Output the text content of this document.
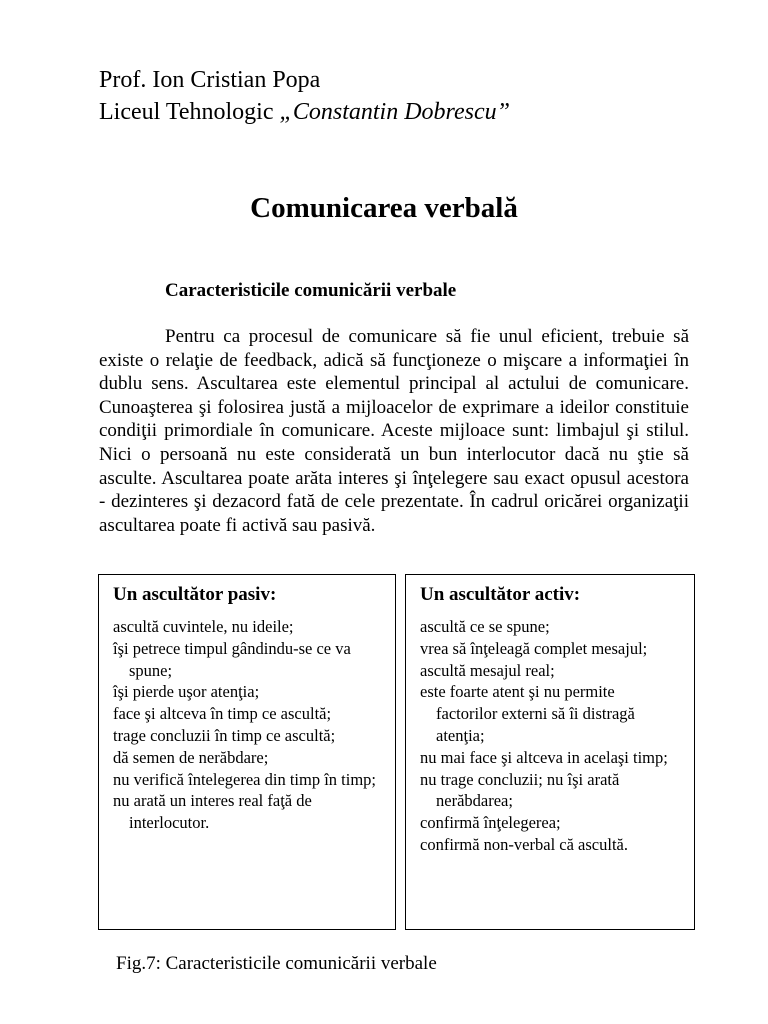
Prof. Ion Cristian Popa
Liceul Tehnologic „Constantin Dobrescu”
Comunicarea verbală
Caracteristicile comunicării verbale

Pentru ca procesul de comunicare să fie unul eficient, trebuie să existe o relaţie de feedback, adică să funcţioneze o mişcare a informaţiei în dublu sens. Ascultarea este elementul principal al actului de comunicare. Cunoaşterea şi folosirea justă a mijloacelor de exprimare a ideilor constituie condiţii primordiale în comunicare. Aceste mijloace sunt: limbajul şi stilul. Nici o persoană nu este considerată un bun interlocutor dacă nu ştie să asculte. Ascultarea poate arăta interes şi înţelegere sau exact opusul acestora - dezinteres şi dezacord fată de cele prezentate. În cadrul oricărei organizaţii ascultarea poate fi activă sau pasivă.

Un ascultător pasiv:
ascultă cuvintele, nu ideile;
îşi petrece timpul gândindu-se ce va spune;
îşi pierde uşor atenţia;
face şi altceva în timp ce ascultă;
trage concluzii în timp ce ascultă;
dă semen de nerăbdare;
nu verifică întelegerea din timp în timp;
nu arată un interes real faţă de interlocutor.
Un ascultător activ:
ascultă ce se spune;
vrea să înţeleagă complet mesajul;
ascultă mesajul real;
este foarte atent şi nu permite factorilor externi să îi distragă atenţia;
nu mai face şi altceva in acelaşi timp;
nu trage concluzii; nu îşi arată nerăbdarea;
confirmă înţelegerea;
confirmă non-verbal că ascultă.
Fig.7: Caracteristicile comunicării verbale
